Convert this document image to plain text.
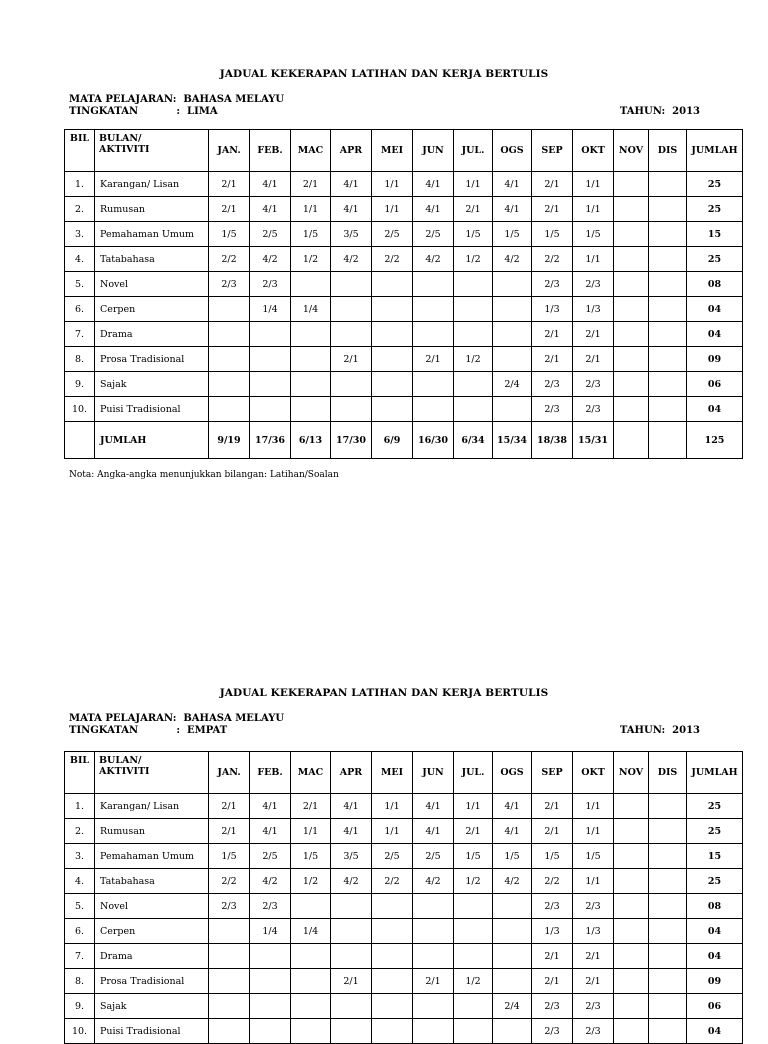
JADUAL KEKERAPAN LATIHAN DAN KERJA BERTULIS
MATA PELAJARAN:  BAHASA MELAYU
TINGKATAN           :  LIMA	TAHUN:  2013
BIL	BULAN/
AKTIVITI	JAN.	FEB.	MAC	APR	MEI	JUN	JUL.	OGS	SEP	OKT	NOV	DIS	JUMLAH
1.	Karangan/ Lisan	2/1	4/1	2/1	4/1	1/1	4/1	1/1	4/1	2/1	1/1			25
2.	Rumusan	2/1	4/1	1/1	4/1	1/1	4/1	2/1	4/1	2/1	1/1			25
3.	Pemahaman Umum	1/5	2/5	1/5	3/5	2/5	2/5	1/5	1/5	1/5	1/5			15
4.	Tatabahasa	2/2	4/2	1/2	4/2	2/2	4/2	1/2	4/2	2/2	1/1			25
5.	Novel	2/3	2/3							2/3	2/3			08
6.	Cerpen		1/4	1/4						1/3	1/3			04
7.	Drama									2/1	2/1			04
8.	Prosa Tradisional				2/1		2/1	1/2		2/1	2/1			09
9.	Sajak								2/4	2/3	2/3			06
10.	Puisi Tradisional									2/3	2/3			04
	JUMLAH	9/19	17/36	6/13	17/30	6/9	16/30	6/34	15/34	18/38	15/31			125
Nota: Angka-angka menunjukkan bilangan: Latihan/Soalan
JADUAL KEKERAPAN LATIHAN DAN KERJA BERTULIS
MATA PELAJARAN:  BAHASA MELAYU
TINGKATAN           :  EMPAT	TAHUN:  2013
BIL	BULAN/
AKTIVITI	JAN.	FEB.	MAC	APR	MEI	JUN	JUL.	OGS	SEP	OKT	NOV	DIS	JUMLAH
1.	Karangan/ Lisan	2/1	4/1	2/1	4/1	1/1	4/1	1/1	4/1	2/1	1/1			25
2.	Rumusan	2/1	4/1	1/1	4/1	1/1	4/1	2/1	4/1	2/1	1/1			25
3.	Pemahaman Umum	1/5	2/5	1/5	3/5	2/5	2/5	1/5	1/5	1/5	1/5			15
4.	Tatabahasa	2/2	4/2	1/2	4/2	2/2	4/2	1/2	4/2	2/2	1/1			25
5.	Novel	2/3	2/3							2/3	2/3			08
6.	Cerpen		1/4	1/4						1/3	1/3			04
7.	Drama									2/1	2/1			04
8.	Prosa Tradisional				2/1		2/1	1/2		2/1	2/1			09
9.	Sajak								2/4	2/3	2/3			06
10.	Puisi Tradisional									2/3	2/3			04
